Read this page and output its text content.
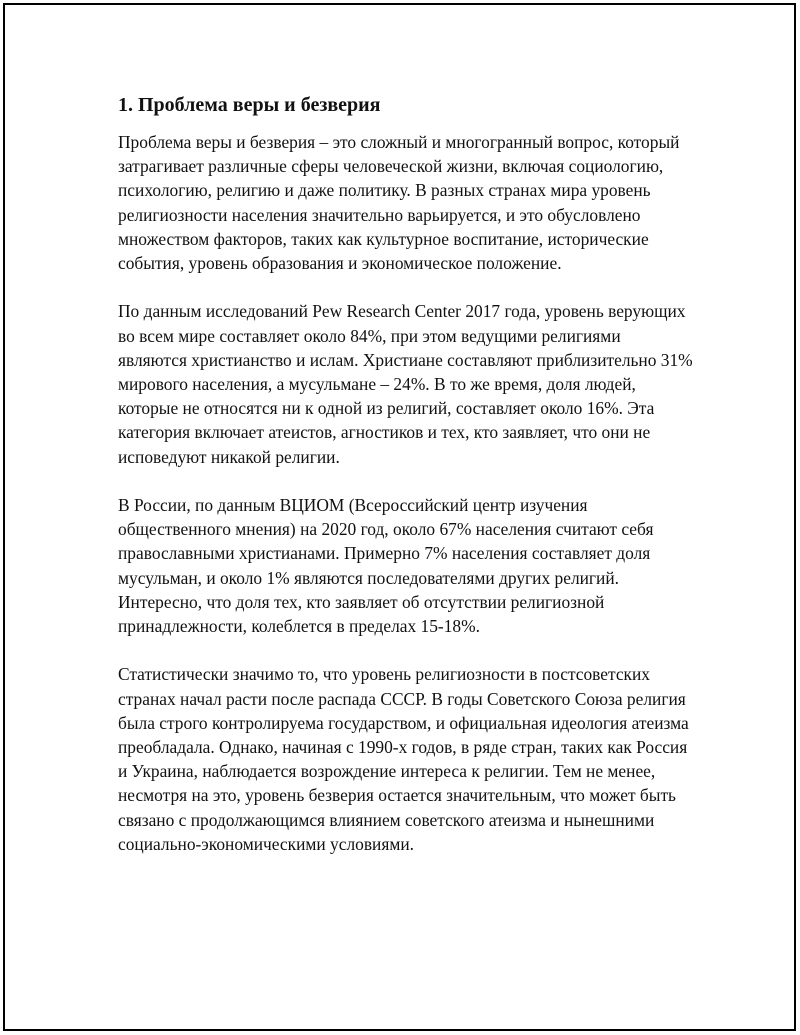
1. Проблема веры и безверия

Проблема веры и безверия – это сложный и многогранный вопрос, который затрагивает различные сферы человеческой жизни, включая социологию, психологию, религию и даже политику. В разных странах мира уровень религиозности населения значительно варьируется, и это обусловлено множеством факторов, таких как культурное воспитание, исторические события, уровень образования и экономическое положение.

По данным исследований Pew Research Center 2017 года, уровень верующих во всем мире составляет около 84%, при этом ведущими религиями являются христианство и ислам. Христиане составляют приблизительно 31% мирового населения, а мусульмане – 24%. В то же время, доля людей, которые не относятся ни к одной из религий, составляет около 16%. Эта категория включает атеистов, агностиков и тех, кто заявляет, что они не исповедуют никакой религии.

В России, по данным ВЦИОМ (Всероссийский центр изучения общественного мнения) на 2020 год, около 67% населения считают себя православными христианами. Примерно 7% населения составляет доля мусульман, и около 1% являются последователями других религий. Интересно, что доля тех, кто заявляет об отсутствии религиозной принадлежности, колеблется в пределах 15-18%.

Статистически значимо то, что уровень религиозности в постсоветских странах начал расти после распада СССР. В годы Советского Союза религия была строго контролируема государством, и официальная идеология атеизма преобладала. Однако, начиная с 1990-х годов, в ряде стран, таких как Россия и Украина, наблюдается возрождение интереса к религии. Тем не менее, несмотря на это, уровень безверия остается значительным, что может быть связано с продолжающимся влиянием советского атеизма и нынешними социально-экономическими условиями.
